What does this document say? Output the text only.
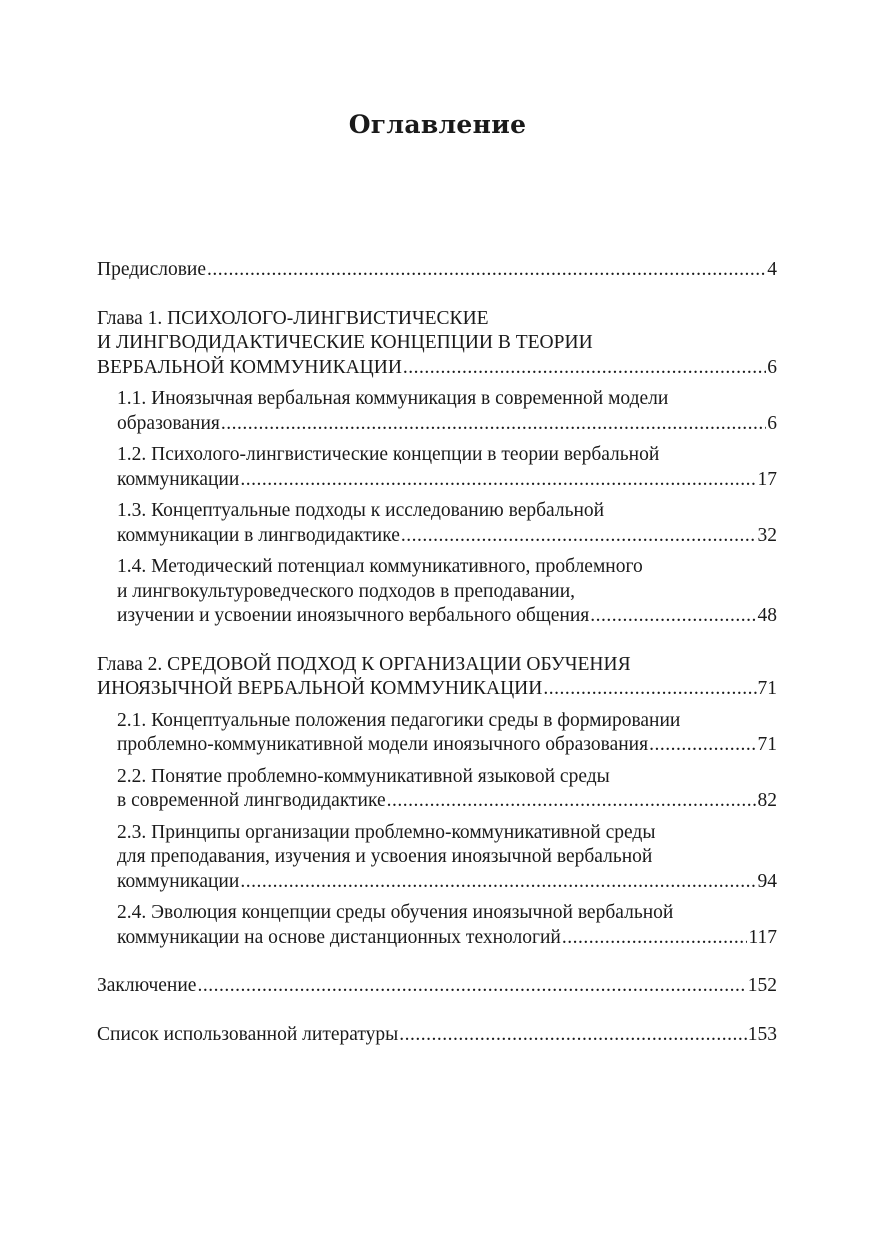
Оглавление
Предисловие .....	4
Глава 1. ПСИХОЛОГО-ЛИНГВИСТИЧЕСКИЕ
И ЛИНГВОДИДАКТИЧЕСКИЕ КОНЦЕПЦИИ В ТЕОРИИ
ВЕРБАЛЬНОЙ КОММУНИКАЦИИ .....	6
1.1. Иноязычная вербальная коммуникация в современной модели
образования .....	6
1.2. Психолого-лингвистические концепции в теории вербальной
коммуникации .....	17
1.3. Концептуальные подходы к исследованию вербальной
коммуникации в лингводидактике .....	32
1.4. Методический потенциал коммуникативного, проблемного
и лингвокультуроведческого подходов в преподавании,
изучении и усвоении иноязычного вербального общения .....	48
Глава 2. СРЕДОВОЙ ПОДХОД К ОРГАНИЗАЦИИ ОБУЧЕНИЯ
ИНОЯЗЫЧНОЙ ВЕРБАЛЬНОЙ КОММУНИКАЦИИ .....	71
2.1. Концептуальные положения педагогики среды в формировании
проблемно-коммуникативной модели иноязычного образования .....	71
2.2. Понятие проблемно-коммуникативной языковой среды
в современной лингводидактике .....	82
2.3. Принципы организации проблемно-коммуникативной среды
для преподавания, изучения и усвоения иноязычной вербальной
коммуникации .....	94
2.4. Эволюция концепции среды обучения иноязычной вербальной
коммуникации на основе дистанционных технологий .....	117
Заключение .....	152
Список использованной литературы .....	153
